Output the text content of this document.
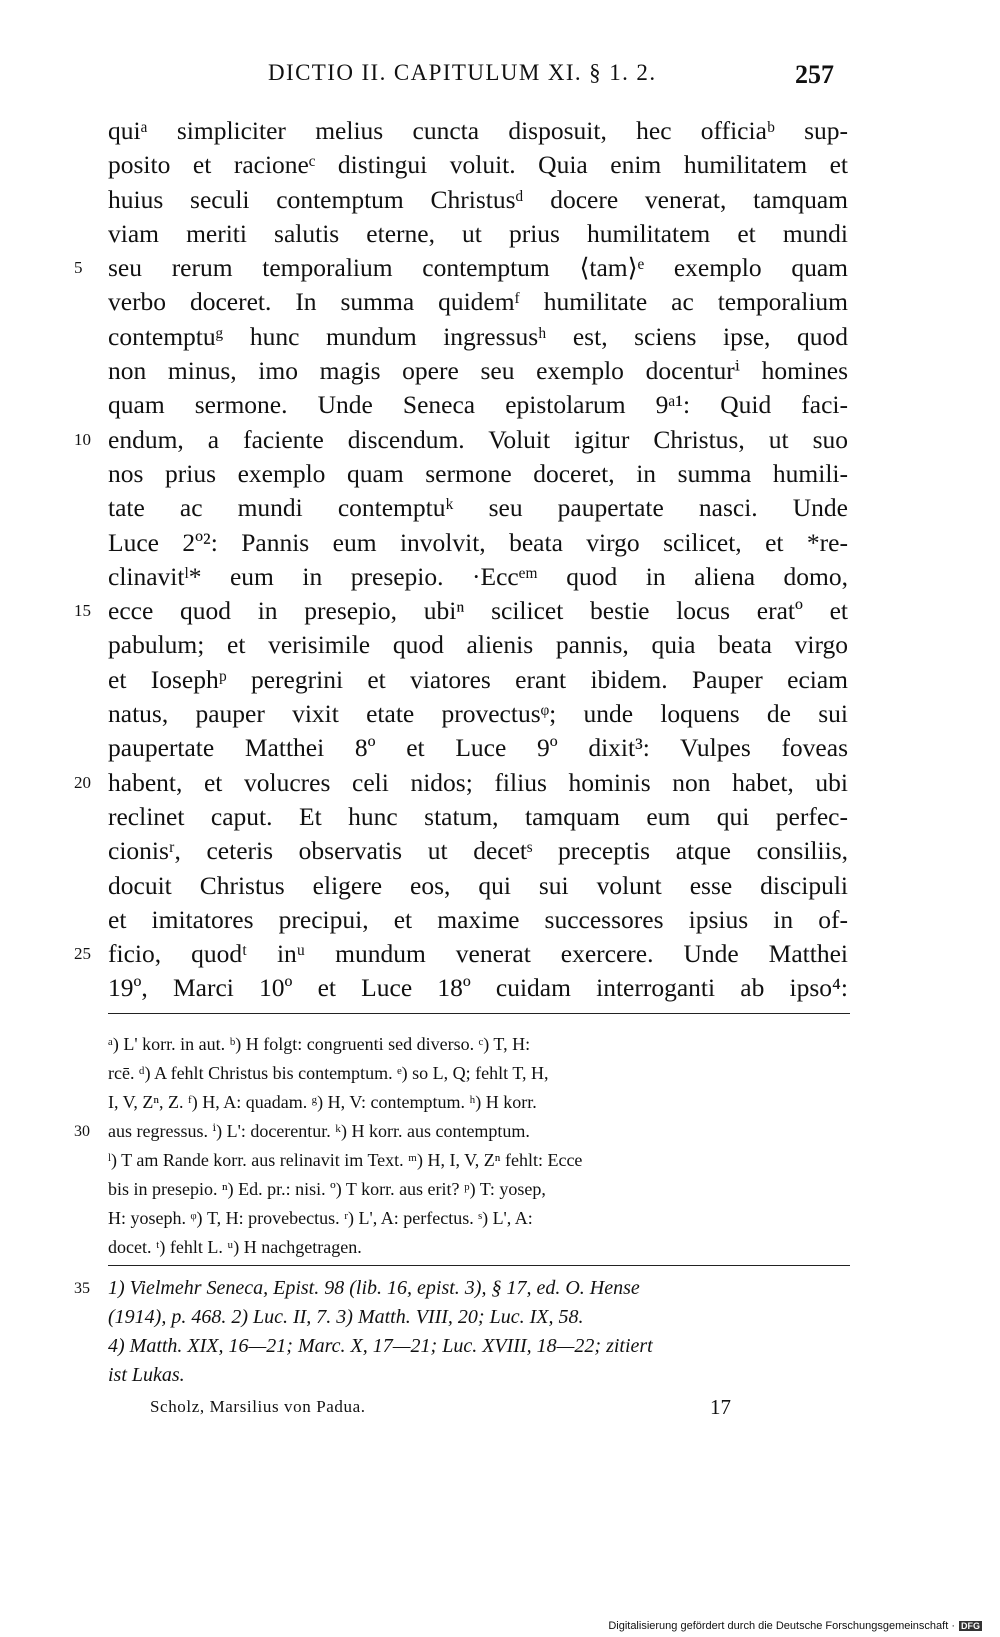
DICTIO II. CAPITULUM XI. § 1. 2.	257
quiᵃ simpliciter melius cuncta disposuit, hec officiaᵇ sup-
posito et racioneᶜ distingui voluit. Quia enim humilitatem et
huius seculi contemptum Christusᵈ docere venerat, tamquam
viam meriti salutis eterne, ut prius humilitatem et mundi
5	seu rerum temporalium contemptum ⟨tam⟩ᵉ exemplo quam
verbo doceret. In summa quidemᶠ humilitate ac temporalium
contemptuᵍ hunc mundum ingressusʰ est, sciens ipse, quod
non minus, imo magis opere seu exemplo docenturⁱ homines
quam sermone. Unde Seneca epistolarum 9ᵃ¹: Quid faci-
10 endum, a faciente discendum. Voluit igitur Christus, ut suo
nos prius exemplo quam sermone doceret, in summa humili-
tate ac mundi contemptuᵏ seu paupertate nasci. Unde
Luce 2º²: Pannis eum involvit, beata virgo scilicet, et *re-
clinavitˡ* eum in presepio. ·Eccᵉᵐ quod in aliena domo,
15 ecce quod in presepio, ubiⁿ scilicet bestie locus eratº et
pabulum; et verisimile quod alienis pannis, quia beata virgo
et Iosephᵖ peregrini et viatores erant ibidem. Pauper eciam
natus, pauper vixit etate provectusᵠ; unde loquens de sui
paupertate Matthei 8º et Luce 9º dixit³: Vulpes foveas
20 habent, et volucres celi nidos; filius hominis non habet, ubi
reclinet caput. Et hunc statum, tamquam eum qui perfec-
cionisʳ, ceteris observatis ut decetˢ preceptis atque consiliis,
docuit Christus eligere eos, qui sui volunt esse discipuli
et imitatores precipui, et maxime successores ipsius in of-
25 ficio, quodᵗ inᵘ mundum venerat exercere. Unde Matthei
19º, Marci 10º et Luce 18º cuidam interroganti ab ipso⁴:
ᵃ) L' korr. in aut. ᵇ) H folgt: congruenti sed diverso. ᶜ) T, H:
rcē. ᵈ) A fehlt Christus bis contemptum. ᵉ) so L, Q; fehlt T, H,
I, V, Zⁿ, Z. ᶠ) H, A: quadam. ᵍ) H, V: contemptum. ʰ) H korr.
30	aus regressus. ⁱ) L': docerentur. ᵏ) H korr. aus contemptum.
ˡ) T am Rande korr. aus relinavit im Text. ᵐ) H, I, V, Zⁿ fehlt: Ecce
bis in presepio. ⁿ) Ed. pr.: nisi. º) T korr. aus erit? ᵖ) T: yosep,
H: yoseph. ᵠ) T, H: provebectus. ʳ) L', A: perfectus. ˢ) L', A:
docet. ᵗ) fehlt L. ᵘ) H nachgetragen.
35 1) Vielmehr Seneca, Epist. 98 (lib. 16, epist. 3), § 17, ed. O. Hense
(1914), p. 468. 2) Luc. II, 7. 3) Matth. VIII, 20; Luc. IX, 58.
4) Matth. XIX, 16—21; Marc. X, 17—21; Luc. XVIII, 18—22; zitiert
ist Lukas.
Scholz, Marsilius von Padua.	17
Digitalisierung gefördert durch die Deutsche Forschungsgemeinschaft · DFG
